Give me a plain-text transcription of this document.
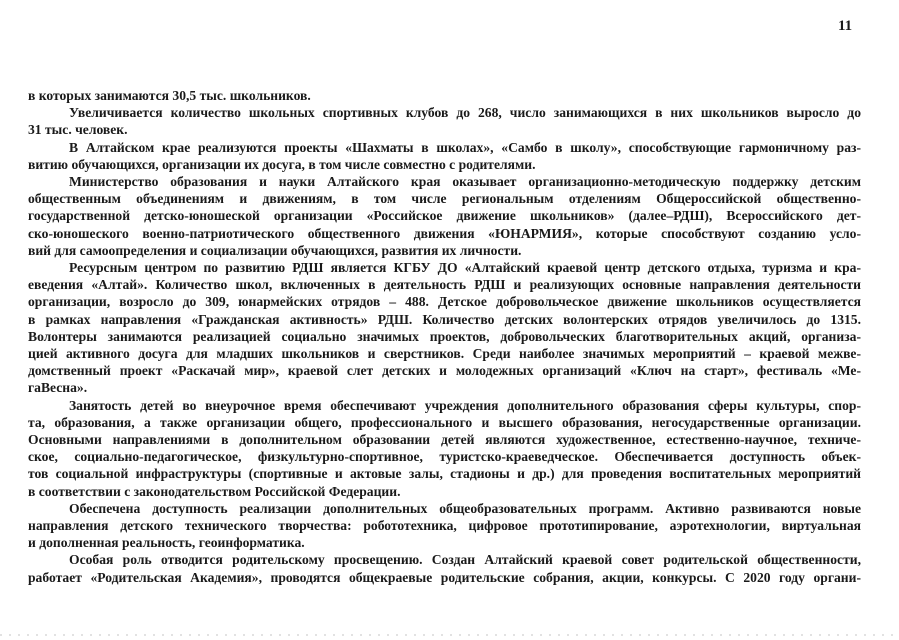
11
в которых занимаются 30,5 тыс. школьников.
Увеличивается количество школьных спортивных клубов до 268, число занимающихся в них школьников выросло до
31 тыс. человек.
В Алтайском крае реализуются проекты «Шахматы в школах», «Самбо в школу», способствующие гармоничному раз-
витию обучающихся, организации их досуга, в том числе совместно с родителями.
Министерство образования и науки Алтайского края оказывает организационно-методическую поддержку детским
общественным объединениям и движениям, в том числе региональным отделениям Общероссийской общественно-
государственной детско-юношеской организации «Российское движение школьников» (далее–РДШ), Всероссийского дет-
ско-юношеского военно-патриотического общественного движения «ЮНАРМИЯ», которые способствуют созданию усло-
вий для самоопределения и социализации обучающихся, развития их личности.
Ресурсным центром по развитию РДШ является КГБУ ДО «Алтайский краевой центр детского отдыха, туризма и кра-
еведения «Алтай». Количество школ, включенных в деятельность РДШ и реализующих основные направления деятельности
организации, возросло до 309, юнармейских отрядов – 488. Детское добровольческое движение школьников осуществляется
в рамках направления «Гражданская активность» РДШ. Количество детских волонтерских отрядов увеличилось до 1315.
Волонтеры занимаются реализацией социально значимых проектов, добровольческих благотворительных акций, организа-
цией активного досуга для младших школьников и сверстников. Среди наиболее значимых мероприятий – краевой межве-
домственный проект «Раскачай мир», краевой слет детских и молодежных организаций «Ключ на старт», фестиваль «Ме-
гаВесна».
Занятость детей во внеурочное время обеспечивают учреждения дополнительного образования сферы культуры, спор-
та, образования, а также организации общего, профессионального и высшего образования, негосударственные организации.
Основными направлениями в дополнительном образовании детей являются художественное, естественно-научное, техниче-
ское, социально-педагогическое, физкультурно-спортивное, туристско-краеведческое. Обеспечивается доступность объек-
тов социальной инфраструктуры (спортивные и актовые залы, стадионы и др.) для проведения воспитательных мероприятий
в соответствии с законодательством Российской Федерации.
Обеспечена доступность реализации дополнительных общеобразовательных программ. Активно развиваются новые
направления детского технического творчества: робототехника, цифровое прототипирование, аэротехнологии, виртуальная
и дополненная реальность, геоинформатика.
Особая роль отводится родительскому просвещению. Создан Алтайский краевой совет родительской общественности,
работает «Родительская Академия», проводятся общекраевые родительские собрания, акции, конкурсы. С 2020 году органи-
